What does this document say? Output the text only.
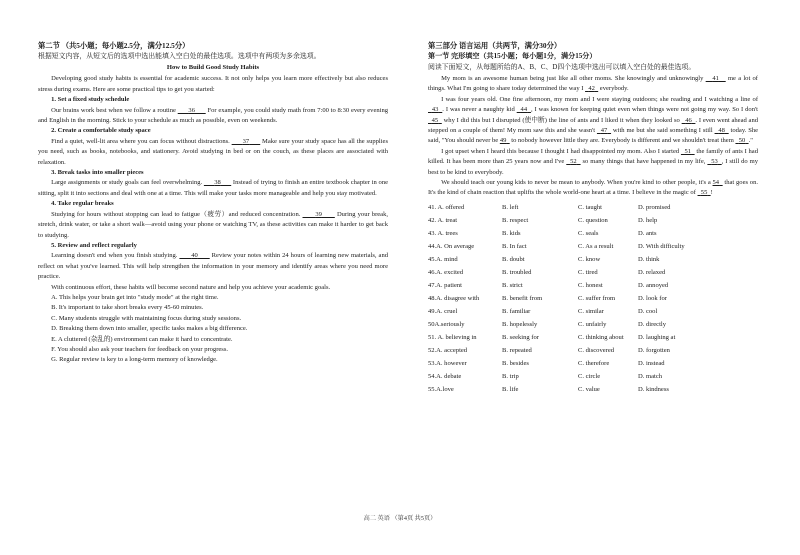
第二节 （共5小题；每小题2.5分，满分12.5分）

根据短文内容，从短文后的选项中选出能填入空白处的最佳选项。选项中有两项为多余选项。

How to Build Good Study Habits

Developing good study habits is essential for academic success. It not only helps you learn more effectively but also reduces stress during exams. Here are some practical tips to get you started:

1. Set a fixed study schedule

Our brains work best when we follow a routine       36       For example, you could study math from 7:00 to 8:30 every evening and English in the morning. Stick to your schedule as much as possible, even on weekends.

2. Create a comfortable study space

Find a quiet, well-lit area where you can focus without distractions.       37       Make sure your study space has all the supplies you need, such as books, notebooks, and stationery. Avoid studying in bed or on the couch, as these places are associated with relaxation.

3. Break tasks into smaller pieces

Large assignments or study goals can feel overwhelming.       38       Instead of trying to finish an entire textbook chapter in one sitting, split it into sections and deal with one at a time. This will make your tasks more manageable and help you stay motivated.

4. Take regular breaks

Studying for hours without stopping can lead to fatigue（疲劳）and reduced concentration.       39       During your break, stretch, drink water, or take a short walk—avoid using your phone or watching TV, as these activities can make it harder to get back to studying.

5. Review and reflect regularly

Learning doesn't end when you finish studying.       40       Review your notes within 24 hours of learning new materials, and reflect on what you've learned. This will help strengthen the information in your memory and identify areas where you need more practice.

With continuous effort, these habits will become second nature and help you achieve your academic goals.

A. This helps your brain get into "study mode" at the right time.

B. It's important to take short breaks every 45-60 minutes.

C. Many students struggle with maintaining focus during study sessions.

D. Breaking them down into smaller, specific tasks makes a big difference.

E. A cluttered (杂乱的) environment can make it hard to concentrate.

F. You should also ask your teachers for feedback on your progress.

G. Regular review is key to a long-term memory of knowledge.

第三部分 语言运用（共两节，满分30分）

第一节 完形填空（共15小题；每小题1分，满分15分）

阅读下面短文，从每题所给的A、B、C、D四个选项中选出可以填入空白处的最佳选项。

My mom is an awesome human being just like all other moms. She knowingly and unknowingly    41    me a lot of things. What I'm going to share today determined the way I   42   everybody.

I was four years old. One fine afternoon, my mom and I were staying outdoors; she reading and I watching a line of   43 . I was never a naughty kid   44 , I was known for keeping quiet even when things were not going my way. So I don't   45   why I did this but I disrupted (使中断) the line of ants and I liked it when they looked so   46 . I even went ahead and stepped on a couple of them! My mom saw this and she wasn't   47   with me but she said something I still   48   today. She said, "You should never be 49   to nobody however little they are. Everybody is different and we shouldn't treat them   50 ."

I got upset when I heard this because I thought I had disappointed my mom. Also I started   51   the family of ants I had killed. It has been more than 25 years now and I've   52   so many things that have happened in my life,   53 , I still do my best to be kind to everybody.

We should teach our young kids to never be mean to anybody. When you're kind to other people, it's a 54   that goes on. It's the kind of chain reaction that uplifts the whole world-one heart at a time. I believe in the magic of   55 !

41. A. offered	B. left	C. taught	D. promised
42. A. treat	B. respect	C. question	D. help
43. A. trees	B. kids	C. seals	D. ants
44.A. On average	B. In fact	C. As a result	D. With difficulty
45.A. mind	B. doubt	C. know	D. think
46.A. excited	B. troubled	C. tired	D. relaxed
47.A. patient	B. strict	C. honest	D. annoyed
48.A. disagree with	B. benefit from	C. suffer from	D. look for
49.A. cruel	B. familiar	C. similar	D. cool
50A.seriously	B. hopelessly	C. unfairly	D. directly
51. A. believing in	B. seeking for	C. thinking about	D. laughing at
52.A. accepted	B. repeated	C. discovered	D. forgotten
53.A. however	B. besides	C. therefore	D. instead
54.A. debate	B. trip	C. circle	D. match
55.A.love	B. life	C. value	D. kindness
高二 英语 （第4页 共5页）
